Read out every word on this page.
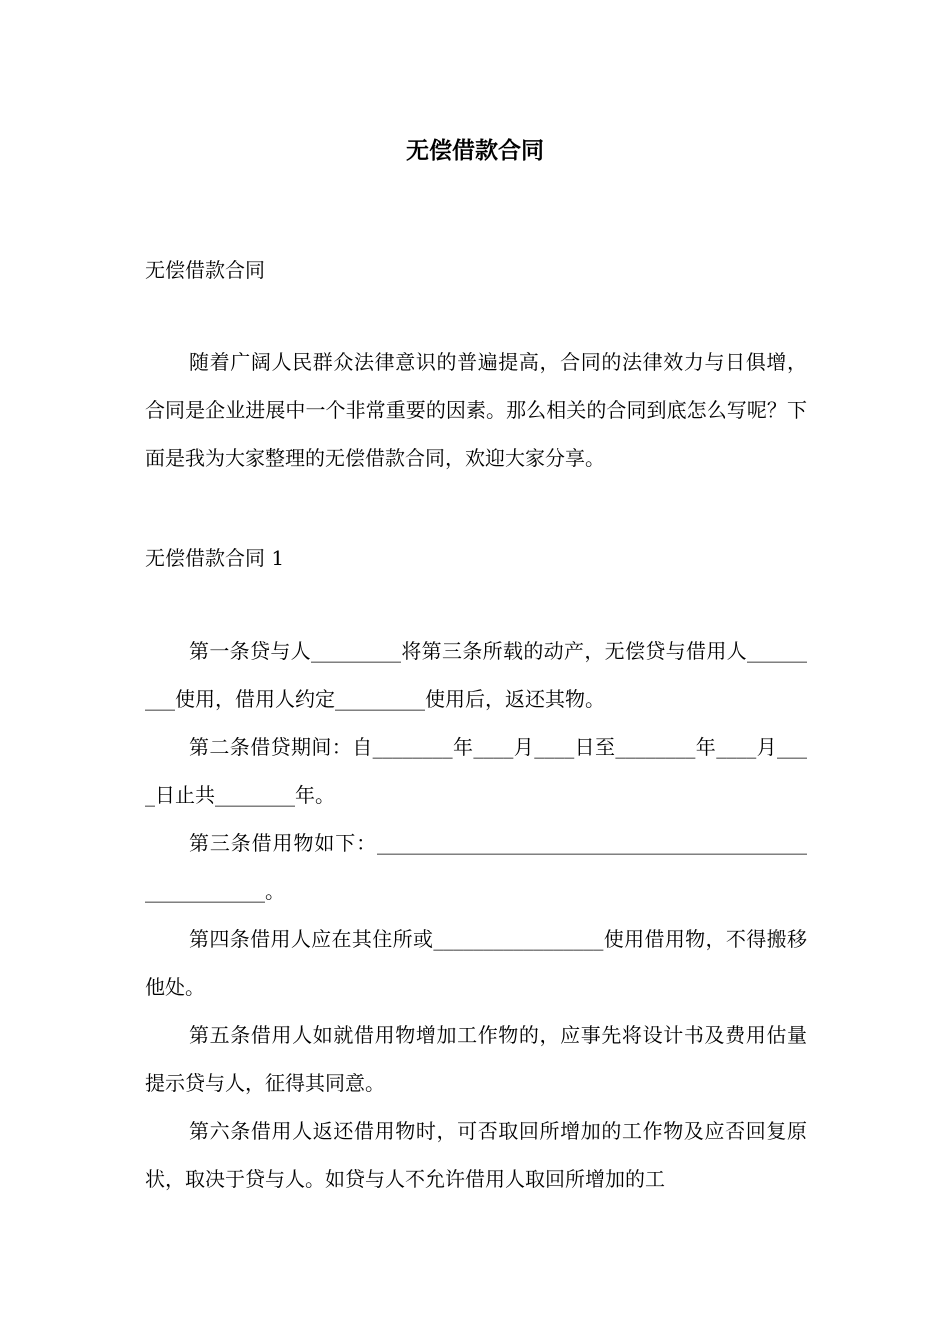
无偿借款合同

无偿借款合同

随着广阔人民群众法律意识的普遍提高，合同的法律效力与日俱增，合同是企业进展中一个非常重要的因素。那么相关的合同到底怎么写呢？下面是我为大家整理的无偿借款合同，欢迎大家分享。

无偿借款合同 1

第一条贷与人_________将第三条所载的动产，无偿贷与借用人_________使用，借用人约定_________使用后，返还其物。

第二条借贷期间：自________年____月____日至________年____月____日止共________年。

第三条借用物如下：_______________________________________________________。

第四条借用人应在其住所或_________________使用借用物，不得搬移他处。

第五条借用人如就借用物增加工作物的，应事先将设计书及费用估量提示贷与人，征得其同意。

第六条借用人返还借用物时，可否取回所增加的工作物及应否回复原状，取决于贷与人。如贷与人不允许借用人取回所增加的工
